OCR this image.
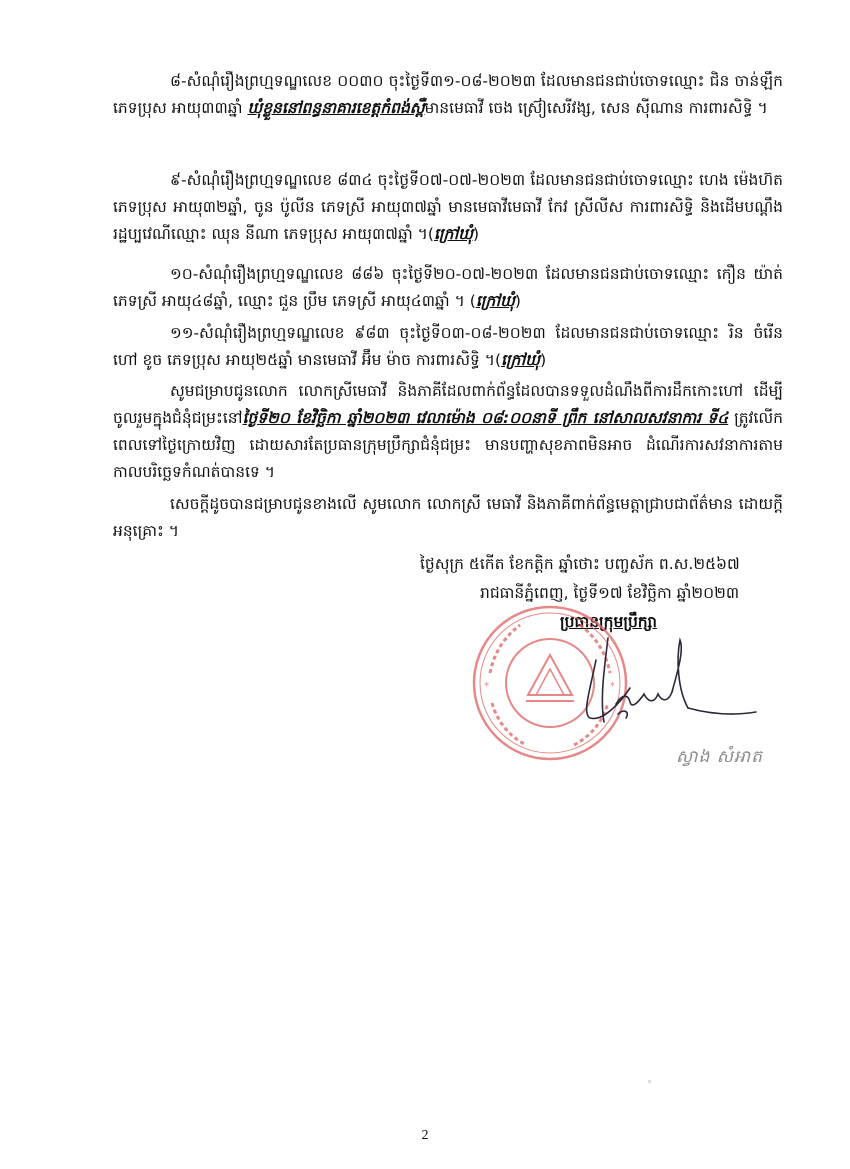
៨-សំណុំរឿងព្រហ្មទណ្ឌលេខ ០០៣០ ចុះថ្ងៃទី៣១-០៨-២០២៣ ដែលមានជនជាប់ចោទឈ្មោះ ជិន ចាន់ឡឹក ភេទប្រុស អាយុ៣៣ឆ្នាំ ឃុំខ្លួននៅពន្ធនាគារខេត្តកំពង់ស្ពឺមានមេធាវី ចេង ស៊្រៀសេរីវង្ស, សេន ស៊ីណាន ការពារសិទ្ធិ ។

៩-សំណុំរឿងព្រហ្មទណ្ឌលេខ ៨៣៤ ចុះថ្ងៃទី០៧-០៧-២០២៣ ដែលមានជនជាប់ចោទឈ្មោះ ហេង ម៉េងហ៊ត ភេទប្រុស អាយុ៣២ឆ្នាំ, ចូន ប៉ូលីន ភេទស្រី អាយុ៣៧ឆ្នាំ មានមេធាវីមេធាវី កែវ ស្រីលីស ការពារសិទ្ធិ និងដើមបណ្តឹងរដ្ឋប្បវេណីឈ្មោះ ឈុន នីណា ភេទប្រុស អាយុ៣៧ឆ្នាំ ។(ក្រៅឃុំ)

១០-សំណុំរឿងព្រហ្មទណ្ឌលេខ ៨៨៦ ចុះថ្ងៃទី២០-០៧-២០២៣ ដែលមានជនជាប់ចោទឈ្មោះ កឿន យ៉ាត់ ភេទស្រី អាយុ៤៨ឆ្នាំ, ឈ្មោះ ជួន ប្រឹម ភេទស្រី អាយុ៤៣ឆ្នាំ ។ (ក្រៅឃុំ)

១១-សំណុំរឿងព្រហ្មទណ្ឌលេខ ៩៨៣ ចុះថ្ងៃទី០៣-០៨-២០២៣ ដែលមានជនជាប់ចោទឈ្មោះ រិន ចំរើន ហៅ ខូច ភេទប្រុស អាយុ២៥ឆ្នាំ មានមេធាវី អ៊ឹម ម៉ាច ការពារសិទ្ធិ ។(ក្រៅឃុំ)

សូមជម្រាបជូនលោក លោកស្រីមេធាវី និងភាគីដែលពាក់ព័ន្ធដែលបានទទួលដំណឹងពីការដឹកកោះហៅ ដើម្បីចូលរួមក្នុងជំនុំជម្រះនៅថ្ងៃទី២០ ខែវិច្ឆិកា ឆ្នាំ២០២៣ វេលាម៉ោង ០៨:០០នាទី ព្រឹក នៅសាលសវនាការ ទី៤ ត្រូវលើកពេលទៅថ្ងៃក្រោយវិញ ដោយសារតែប្រធានក្រុមប្រឹក្សាជំនុំជម្រះ មានបញ្ហាសុខភាពមិនអាច ដំណើរការសវនាការតាមកាលបរិច្ឆេទកំណត់បានទេ ។

សេចក្តីដូចបានជម្រាបជូនខាងលើ សូមលោក លោកស្រី មេធាវី និងភាគីពាក់ព័ន្ធមេត្តាជ្រាបជាព័ត៌មាន ដោយក្តីអនុគ្រោះ ។

ថ្ងៃសុក្រ ៥កើត ខែកត្តិក ឆ្នាំថោះ បញ្ចស័ក ព.ស.២៥៦៧
រាជធានីភ្នំពេញ, ថ្ងៃទី១៧ ខែវិច្ឆិកា ឆ្នាំ២០២៣
ប្រធានក្រុមប្រឹក្សា
*	*
ស្វាង សំអាត
2
